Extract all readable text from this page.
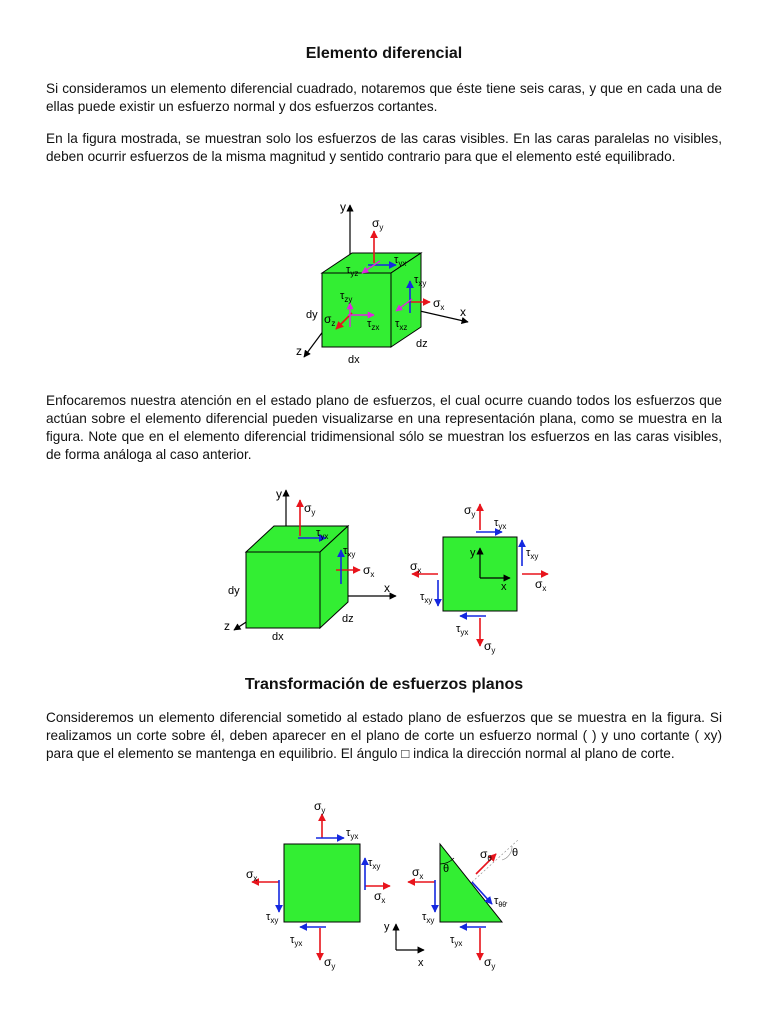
Elemento diferencial

Si consideramos un elemento diferencial cuadrado, notaremos que éste tiene seis caras, y que en cada una de ellas puede existir un esfuerzo normal y dos esfuerzos cortantes.

En la figura mostrada, se muestran solo los esfuerzos de las caras visibles. En las caras paralelas no visibles, deben ocurrir esfuerzos de la misma magnitud y sentido contrario para que el elemento esté equilibrado.

$\sigma_y$
$\tau_{yx}$
$\tau_{yz}$
$\sigma_x$
$\tau_{xy}$
$\tau_{xz}$
$\sigma_z$	$\tau_{zx}$
$\tau_{zy}$
y
x
z
dy
dx
dz

Enfocaremos nuestra atención en el estado plano de esfuerzos, el cual ocurre cuando todos los esfuerzos que actúan sobre el elemento diferencial pueden visualizarse en una representación plana, como se muestra en la figura. Note que en el elemento diferencial tridimensional sólo se muestran los esfuerzos en las caras visibles, de forma análoga al caso anterior.

$\sigma_y$
$\tau_{yx}$
$\sigma_x$
$\tau_{xy}$
y
x
z
dy
dx
dz
y
x
$\sigma_y$
$\tau_{yx}$
$\sigma_x$
$\tau_{xy}$
$\sigma_x$
$\tau_{xy}$
$\sigma_y$
$\tau_{yx}$
Transformación de esfuerzos planos

Consideremos un elemento diferencial sometido al estado plano de esfuerzos que se muestra en la figura. Si realizamos un corte sobre él, deben aparecer en el plano de corte un esfuerzo normal ( ) y uno cortante ( xy) para que el elemento se mantenga en equilibrio. El ángulo □ indica la dirección normal al plano de corte.

$\sigma_y$
$\tau_{yx}$
$\sigma_x$
$\tau_{xy}$
$\sigma_x$
$\tau_{xy}$
$\sigma_y$
$\tau_{yx}$
y
x
θ
$\sigma_\theta$ θ
$\tau_{\theta\theta'}$
$\sigma_x$
$\tau_{xy}$
$\sigma_y$
$\tau_{yx}$
